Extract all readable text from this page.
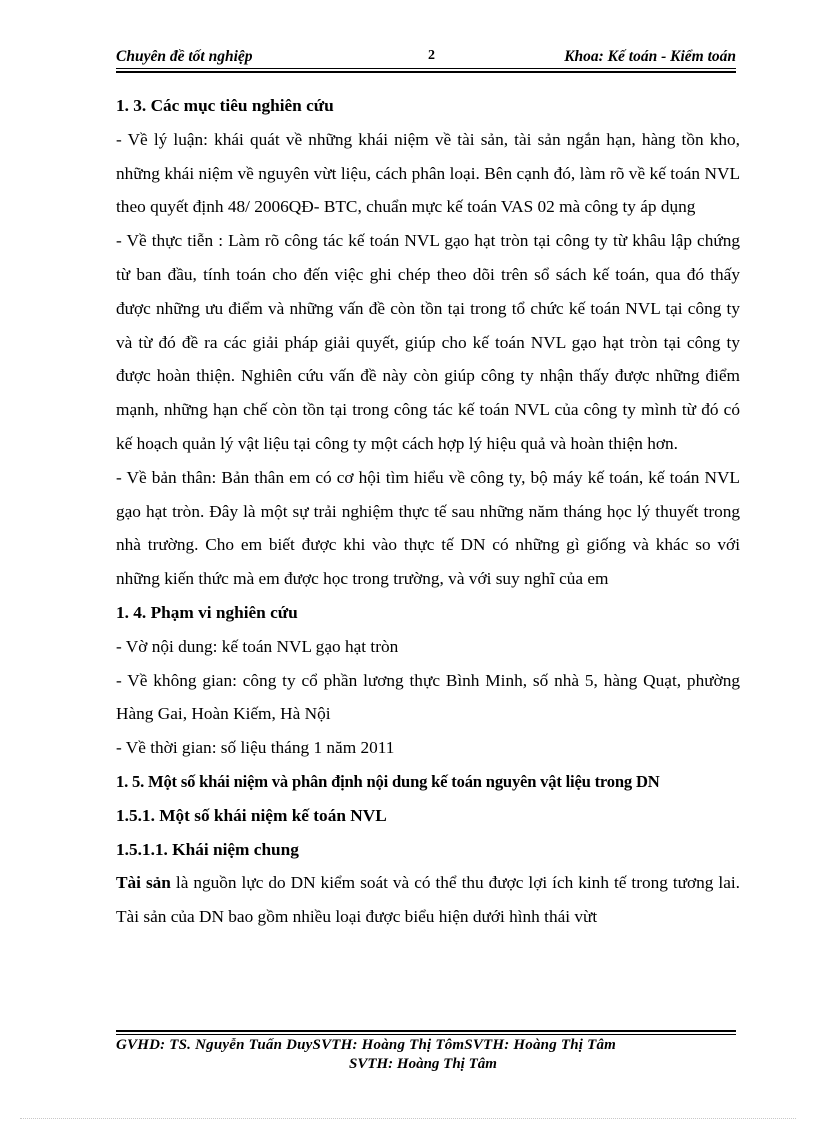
Chuyên đề tốt nghiệp	2	Khoa: Kế toán - Kiểm toán

1. 3. Các mục tiêu nghiên cứu

- Về lý luận: khái quát về những khái niệm về tài sản, tài sản ngắn hạn, hàng tồn kho, những khái niệm về nguyên vừt liệu, cách phân loại. Bên cạnh đó, làm rõ về kế toán NVL theo quyết định 48/ 2006QĐ- BTC, chuẩn mực kế toán VAS 02 mà công ty áp dụng

- Về thực tiễn : Làm rõ công tác kế toán NVL gạo hạt tròn tại công ty từ khâu lập chứng từ ban đầu, tính toán cho đến việc ghi chép theo dõi trên sổ sách kế toán, qua đó thấy được những ưu điểm và những vấn đề còn tồn tại trong tổ chức kế toán NVL tại công ty và từ đó đề ra các giải pháp giải quyết, giúp cho kế toán NVL gạo hạt tròn tại công ty được hoàn thiện. Nghiên cứu vấn đề này còn giúp công ty nhận thấy được những điểm mạnh, những hạn chế còn tồn tại trong công tác kế toán NVL của công ty mình từ đó có kế hoạch quản lý vật liệu tại công ty một cách hợp lý hiệu quả và hoàn thiện hơn.

- Về bản thân: Bản thân em có cơ hội tìm hiểu về công ty, bộ máy kế toán, kế toán NVL gạo hạt tròn. Đây là một sự trải nghiệm thực tế sau những năm tháng học lý thuyết trong nhà trường. Cho em biết được khi vào thực tế DN có những gì giống và khác so với những kiến thức mà em được học trong trường, và với suy nghĩ của em

1. 4. Phạm vi nghiên cứu

- Vờ nội dung: kế toán NVL gạo hạt tròn

- Về không gian: công ty cổ phần lương thực Bình Minh, số nhà 5, hàng Quạt, phường Hàng Gai, Hoàn Kiếm, Hà Nội

- Về thời gian: số liệu tháng 1 năm 2011

1. 5. Một số khái niệm và phân định nội dung kế toán nguyên vật liệu trong DN

1.5.1. Một số khái niệm kế toán NVL

1.5.1.1. Khái niệm chung

Tài sản là nguồn lực do DN kiểm soát và có thể thu được lợi ích kinh tế trong tương lai. Tài sản của DN bao gồm nhiều loại được biểu hiện dưới hình thái vừt

GVHD: TS. Nguyễn Tuấn DuySVTH: Hoàng Thị TômSVTH: Hoàng Thị Tâm
SVTH: Hoàng Thị Tâm
